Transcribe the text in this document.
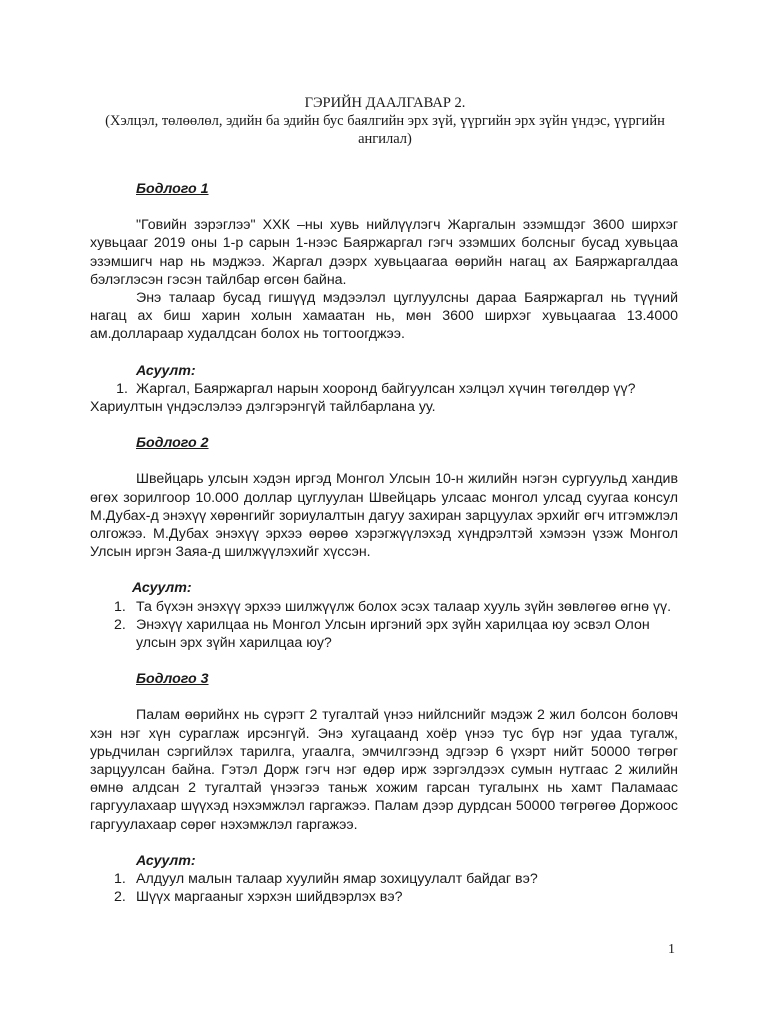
ГЭРИЙН ДААЛГАВАР 2.
(Хэлцэл, төлөөлөл, эдийн ба эдийн бус баялгийн эрх зүй, үүргийн эрх зүйн үндэс, үүргийн
ангилал)
Бодлого 1

"Говийн зэрэглээ" ХХК –ны хувь нийлүүлэгч Жаргалын эзэмшдэг 3600 ширхэг хувьцааг 2019 оны 1-р сарын 1-нээс Баяржаргал гэгч эзэмших болсныг бусад хувьцаа эзэмшигч нар нь мэджээ. Жаргал дээрх хувьцаагаа өөрийн нагац ах Баяржаргалдаа бэлэглэсэн гэсэн тайлбар өгсөн байна.

Энэ талаар бусад гишүүд мэдээлэл цуглуулсны дараа Баяржаргал нь түүний нагац ах биш харин холын хамаатан нь, мөн 3600 ширхэг хувьцаагаа 13.4000 ам.доллараар худалдсан болох нь тогтоогджээ.

Асуулт:
1. Жаргал, Баяржаргал нарын хооронд байгуулсан хэлцэл хүчин төгөлдөр үү? Хариултын үндэслэлээ дэлгэрэнгүй тайлбарлана уу.
Бодлого 2

Швейцарь улсын хэдэн иргэд Монгол Улсын 10-н жилийн нэгэн сургуульд хандив өгөх зорилгоор 10.000 доллар цуглуулан Швейцарь улсаас монгол улсад суугаа консул М.Дубах-д энэхүү хөрөнгийг зориулалтын дагуу захиран зарцуулах эрхийг өгч итгэмжлэл олгожээ. М.Дубах энэхүү эрхээ өөрөө хэрэгжүүлэхэд хүндрэлтэй хэмээн үзэж Монгол Улсын иргэн Заяа-д шилжүүлэхийг хүссэн.

Асуулт:
1. Та бүхэн энэхүү эрхээ шилжүүлж болох эсэх талаар хууль зүйн зөвлөгөө өгнө үү.
2. Энэхүү харилцаа нь Монгол Улсын иргэний эрх зүйн харилцаа юу эсвэл Олон улсын эрх зүйн харилцаа юу?
Бодлого 3

Палам өөрийнх нь сүрэгт 2 тугалтай үнээ нийлснийг мэдэж 2 жил болсон боловч хэн нэг хүн сураглаж ирсэнгүй. Энэ хугацаанд хоёр үнээ тус бүр нэг удаа тугалж, урьдчилан сэргийлэх тарилга, угаалга, эмчилгээнд эдгээр 6 үхэрт нийт 50000 төгрөг зарцуулсан байна. Гэтэл Дорж гэгч нэг өдөр ирж зэргэлдээх сумын нутгаас 2 жилийн өмнө алдсан 2 тугалтай үнээгээ таньж хожим гарсан тугалынх нь хамт Паламаас гаргуулахаар шүүхэд нэхэмжлэл гаргажээ. Палам дээр дурдсан 50000 төгрөгөө Доржоос гаргуулахаар сөрөг нэхэмжлэл гаргажээ.

Асуулт:
1. Алдуул малын талаар хуулийн ямар зохицуулалт байдаг вэ?
2. Шүүх маргааныг хэрхэн шийдвэрлэх вэ?
1
